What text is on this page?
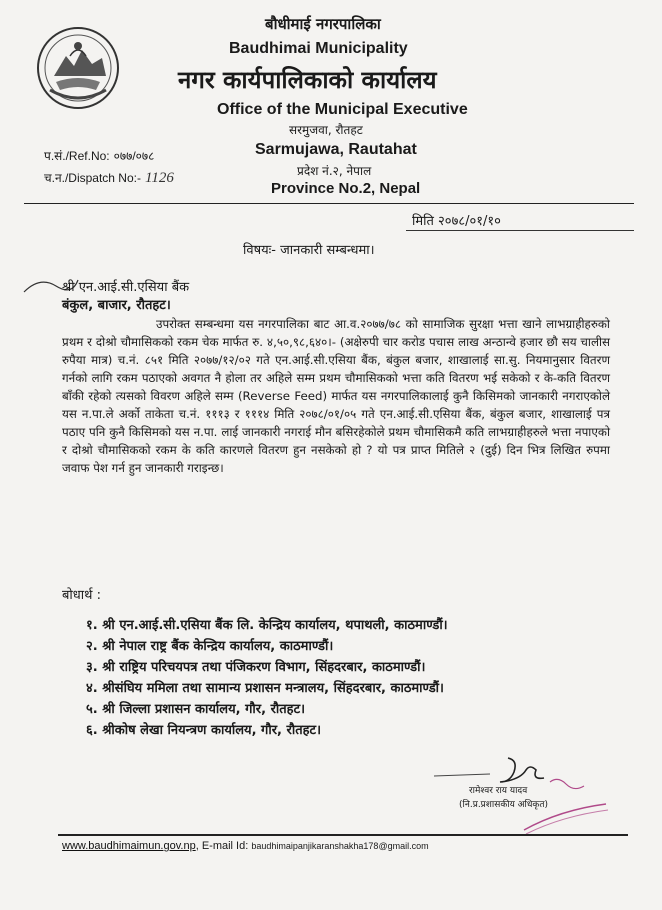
बौधीमाई नगरपालिका
Baudhimai Municipality
नगर कार्यपालिकाको कार्यालय
Office of the Municipal Executive
सरमुजवा, रौतहट
Sarmujawa, Rautahat
प्रदेश नं.२, नेपाल
Province No.2, Nepal
प.सं./Ref.No: ०७७/०७८
च.न./Dispatch No:- 1126
मिति २०७८/०१/१०
विषयः- जानकारी सम्बन्धमा।
श्री एन.आई.सी.एसिया बैंक
बंकुल, बाजार, रौतहट।

उपरोक्त सम्बन्धमा यस नगरपालिका बाट आ.व.२०७७/७८ को सामाजिक सुरक्षा भत्ता खाने लाभग्राहीहरुको प्रथम र दोश्रो चौमासिकको रकम चेक मार्फत रु. ४,५०,९८,६४०।- (अक्षेरुपी चार करोड पचास लाख अन्ठान्वे हजार छौ सय चालीस रुपैया मात्र) च.नं. ८५१ मिति २०७७/१२/०२ गते एन.आई.सी.एसिया बैंक, बंकुल बजार, शाखालाई सा.सु. नियमानुसार वितरण गर्नको लागि रकम पठाएको अवगत नै होला तर अहिले सम्म प्रथम चौमासिकको भत्ता कति वितरण भई सकेको र के-कति वितरण बाँकी रहेको त्यसको विवरण अहिले सम्म (Reverse Feed) मार्फत यस नगरपालिकालाई कुनै किसिमको जानकारी नगराएकोले यस न.पा.ले अर्को ताकेता च.नं. १११३ र १११४ मिति २०७८/०१/०५ गते एन.आई.सी.एसिया बैंक, बंकुल बजार, शाखालाई पत्र पठाए पनि कुनै किसिमको यस न.पा. लाई जानकारी नगराई मौन बसिरहेकोले प्रथम चौमासिकमै कति लाभग्राहीहरुले भत्ता नपाएको र दोश्रो चौमासिकको रकम के कति कारणले वितरण हुन नसकेको हो ? यो पत्र प्राप्त मितिले २ (दुई) दिन भित्र लिखित रुपमा जवाफ पेश गर्न हुन जानकारी गराइन्छ।

बोधार्थ :
१. श्री एन.आई.सी.एसिया बैंक लि. केन्द्रिय कार्यालय, थपाथली, काठमाण्डौं।
२. श्री नेपाल राष्ट्र बैंक केन्द्रिय कार्यालय, काठमाण्डौं।
३. श्री राष्ट्रिय परिचयपत्र तथा पंजिकरण विभाग, सिंहदरबार, काठमाण्डौं।
४. श्रीसंघिय ममिला तथा सामान्य प्रशासन मन्त्रालय, सिंहदरबार, काठमाण्डौं।
५. श्री जिल्ला प्रशासन कार्यालय, गौर, रौतहट।
६. श्रीकोष लेखा नियन्त्रण कार्यालय, गौर, रौतहट।
रामेश्वर राय यादव
(नि.प्र.प्रशासकीय अधिकृत)
www.baudhimaimun.gov.np, E-mail Id: baudhimaipanjikaranshakha178@gmail.com
